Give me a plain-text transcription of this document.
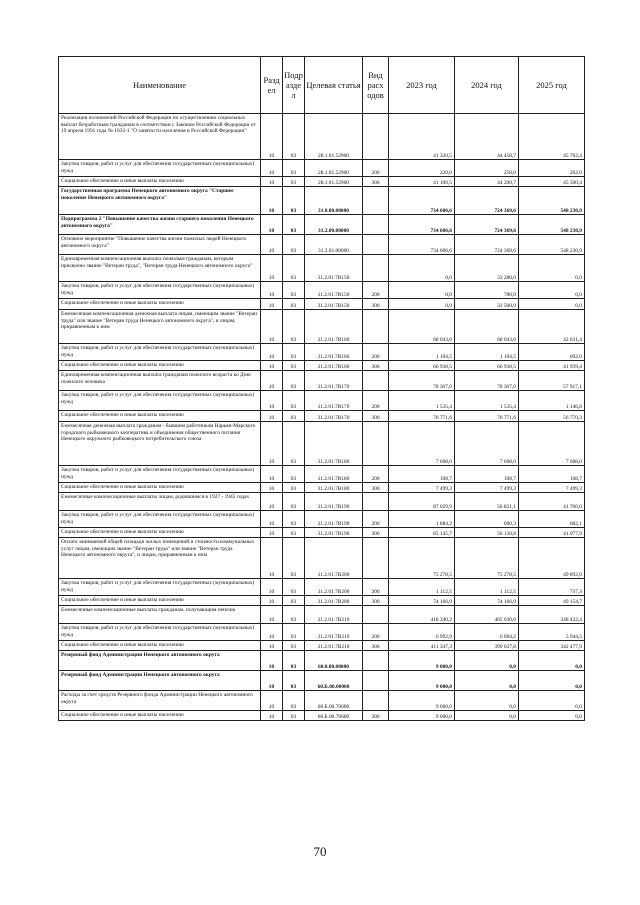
Наименование	Разд ел	Подр азде л	Целевая статья	Вид расх одов	2023 год	2024 год	2025 год
Реализация полномочий Российской Федерации по осуществлению социальных выплат безработным гражданам в соответствии с Законом Российской Федерации от 19 апреля 1991 года № 1032-1 "О занятости населения в Российской Федерации"	10	03	28.1.01.52900		41 320,5	44 458,7	45 762,4
Закупка товаров, работ и услуг для обеспечения государственных (муниципальных) нужд	10	03	28.1.01.52900	200	220,0	258,0	262,0
Социальное обеспечение и иные выплаты населению	10	03	28.1.01.52900	300	41 100,5	44 200,7	45 500,4
Государственная программа Ненецкого автономного округа "Старшее поколение Ненецкого автономного округа"	10	03	31.0.00.00000		734 606,6	724 369,6	548 230,9
Подпрограмма 2 "Повышение качества жизни старшего поколения Ненецкого автономного округа"	10	03	31.2.00.00000		734 606,6	724 369,6	548 230,9
Основное мероприятие "Повышение качества жизни пожилых людей Ненецкого автономного округа"	10	03	31.2.01.00000		734 606,6	724 369,6	548 230,9
Единовременная компенсационная выплата пожилым гражданам, которым присвоено звание "Ветеран труда", "Ветеран труда Ненецкого автономного округа"	10	03	31.2.01.7В150		0,0	33 280,0	0,0
Закупка товаров, работ и услуг для обеспечения государственных (муниципальных) нужд	10	03	31.2.01.7В150	200	0,0	780,0	0,0
Социальное обеспечение и иные выплаты населению	10	03	31.2.01.7В150	300	0,0	32 500,0	0,0
Ежемесячная компенсационная денежная выплата лицам, имеющим звание "Ветеран труда" или звание "Ветеран труда Ненецкого автономного округа", и лицам, приравненным к ним	10	03	31.2.01.7В160		68 043,0	68 043,0	42 631,4
Закупка товаров, работ и услуг для обеспечения государственных (муниципальных) нужд	10	03	31.2.01.7В160	200	1 104,5	1 104,5	692,0
Социальное обеспечение и иные выплаты населению	10	03	31.2.01.7В160	300	66 938,5	66 938,5	41 939,4
Единовременная компенсационная выплата гражданам пожилого возраста ко Дню пожилого человека	10	03	31.2.01.7В170		78 307,0	78 307,0	57 917,1
Закупка товаров, работ и услуг для обеспечения государственных (муниципальных) нужд	10	03	31.2.01.7В170	200	1 535,4	1 535,4	1 146,8
Социальное обеспечение и иные выплаты населению	10	03	31.2.01.7В170	300	76 771,6	76 771,6	56 770,3
Ежемесячная денежная выплата гражданам - бывшим работникам Нарьян-Марского городского рыбковецкого кооператива и объединения общественного питания Ненецкого окружного рыбковецкого потребительского союза	10	03	31.2.01.7В180		7 608,0	7 608,0	7 608,0
Закупка товаров, работ и услуг для обеспечения государственных (муниципальных) нужд	10	03	31.2.01.7В180	200	108,7	108,7	108,7
Социальное обеспечение и иные выплаты населению	10	03	31.2.01.7В180	300	7 499,3	7 499,3	7 499,3
Ежемесячные компенсационные выплаты лицам, родившимся в 1927 - 1945 годах	10	03	31.2.01.7В190		87 029,9	56 821,1	41 760,0
Закупка товаров, работ и услуг для обеспечения государственных (муниципальных) нужд	10	03	31.2.01.7В190	200	1 884,2	690,3	682,1
Социальное обеспечение и иные выплаты населению	10	03	31.2.01.7В190	300	85 145,7	56 130,8	41 077,9
Оплата занимаемой общей площади жилых помещений и стоимости коммунальных услуг лицам, имеющим звание "Ветеран труда" или звание "Ветеран труда Ненецкого автономного округа", и лицам, приравненным к ним	10	03	31.2.01.7В200		75 278,5	75 278,5	49 892,0
Закупка товаров, работ и услуг для обеспечения государственных (муниципальных) нужд	10	03	31.2.01.7В200	200	1 112,5	1 112,5	737,3
Социальное обеспечение и иные выплаты населению	10	03	31.2.01.7В200	300	74 166,0	74 166,0	49 154,7
Ежемесячные компенсационные выплаты гражданам, получающим пенсию	10	03	31.2.01.7В210		418 340,2	405 030,0	348 422,4
Закупка товаров, работ и услуг для обеспечения государственных (муниципальных) нужд	10	03	31.2.01.7В210	200	6 992,9	6 004,2	5 944,5
Социальное обеспечение и иные выплаты населению	10	03	31.2.01.7В210	300	411 347,3	399 027,8	342 477,9
Резервный фонд Администрации Ненецкого автономного округа	10	03	60.0.00.00000		9 000,0	0,0	0,0
Резервный фонд Администрации Ненецкого автономного округа	10	03	60.Б.00.00000		9 000,0	0,0	0,0
Расходы за счет средств Резервного фонда Администрации Ненецкого автономного округа	10	03	60.Б.00.70600		9 000,0	0,0	0,0
Социальное обеспечение и иные выплаты населению	10	03	60.Б.00.70600	300	9 000,0	0,0	0,0
70
